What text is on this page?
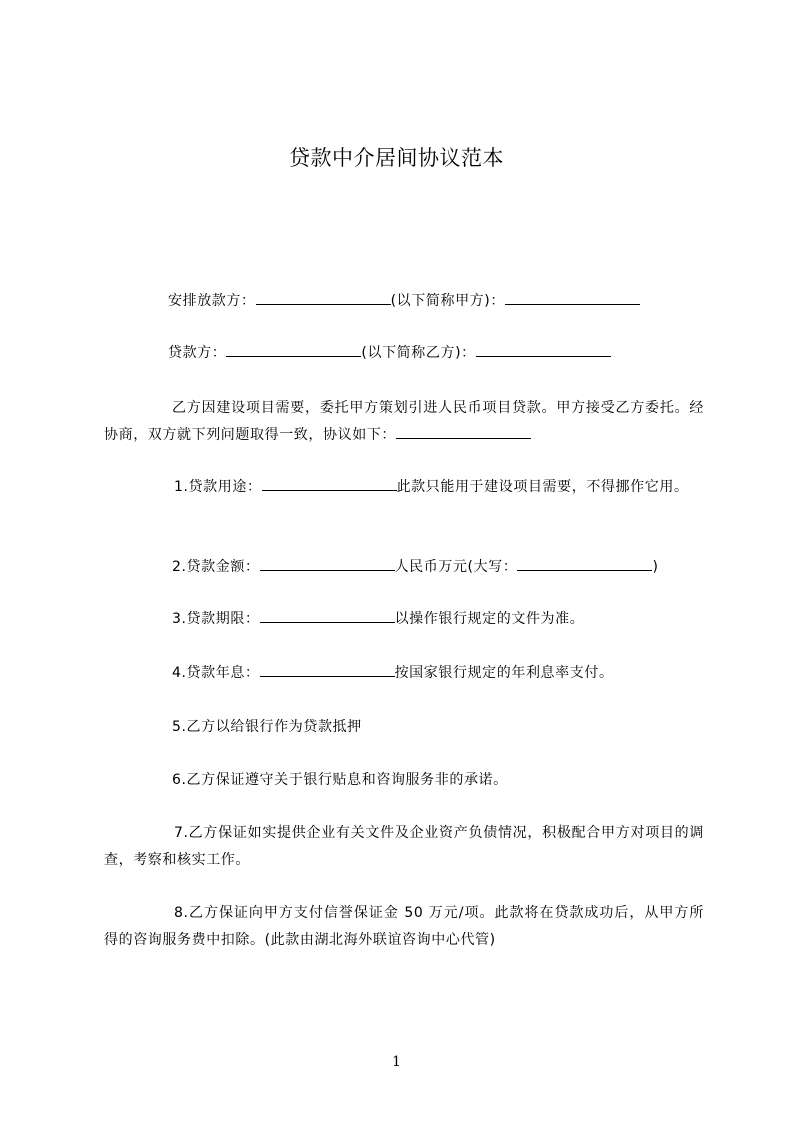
贷款中介居间协议范本
安排放款方：	(以下简称甲方)：
贷款方：	(以下简称乙方)：
乙方因建设项目需要，委托甲方策划引进人民币项目贷款。甲方接受乙方委托。经协商，双方就下列问题取得一致，协议如下：
1.贷款用途：	此款只能用于建设项目需要，不得挪作它用。
2.贷款金额：	人民币万元(大写：	)
3.贷款期限：	以操作银行规定的文件为准。
4.贷款年息：	按国家银行规定的年利息率支付。
5.乙方以给银行作为贷款抵押
6.乙方保证遵守关于银行贴息和咨询服务非的承诺。
7.乙方保证如实提供企业有关文件及企业资产负债情况，积极配合甲方对项目的调查，考察和核实工作。
8.乙方保证向甲方支付信誉保证金 50 万元/项。此款将在贷款成功后，从甲方所得的咨询服务费中扣除。(此款由湖北海外联谊咨询中心代管)
1
